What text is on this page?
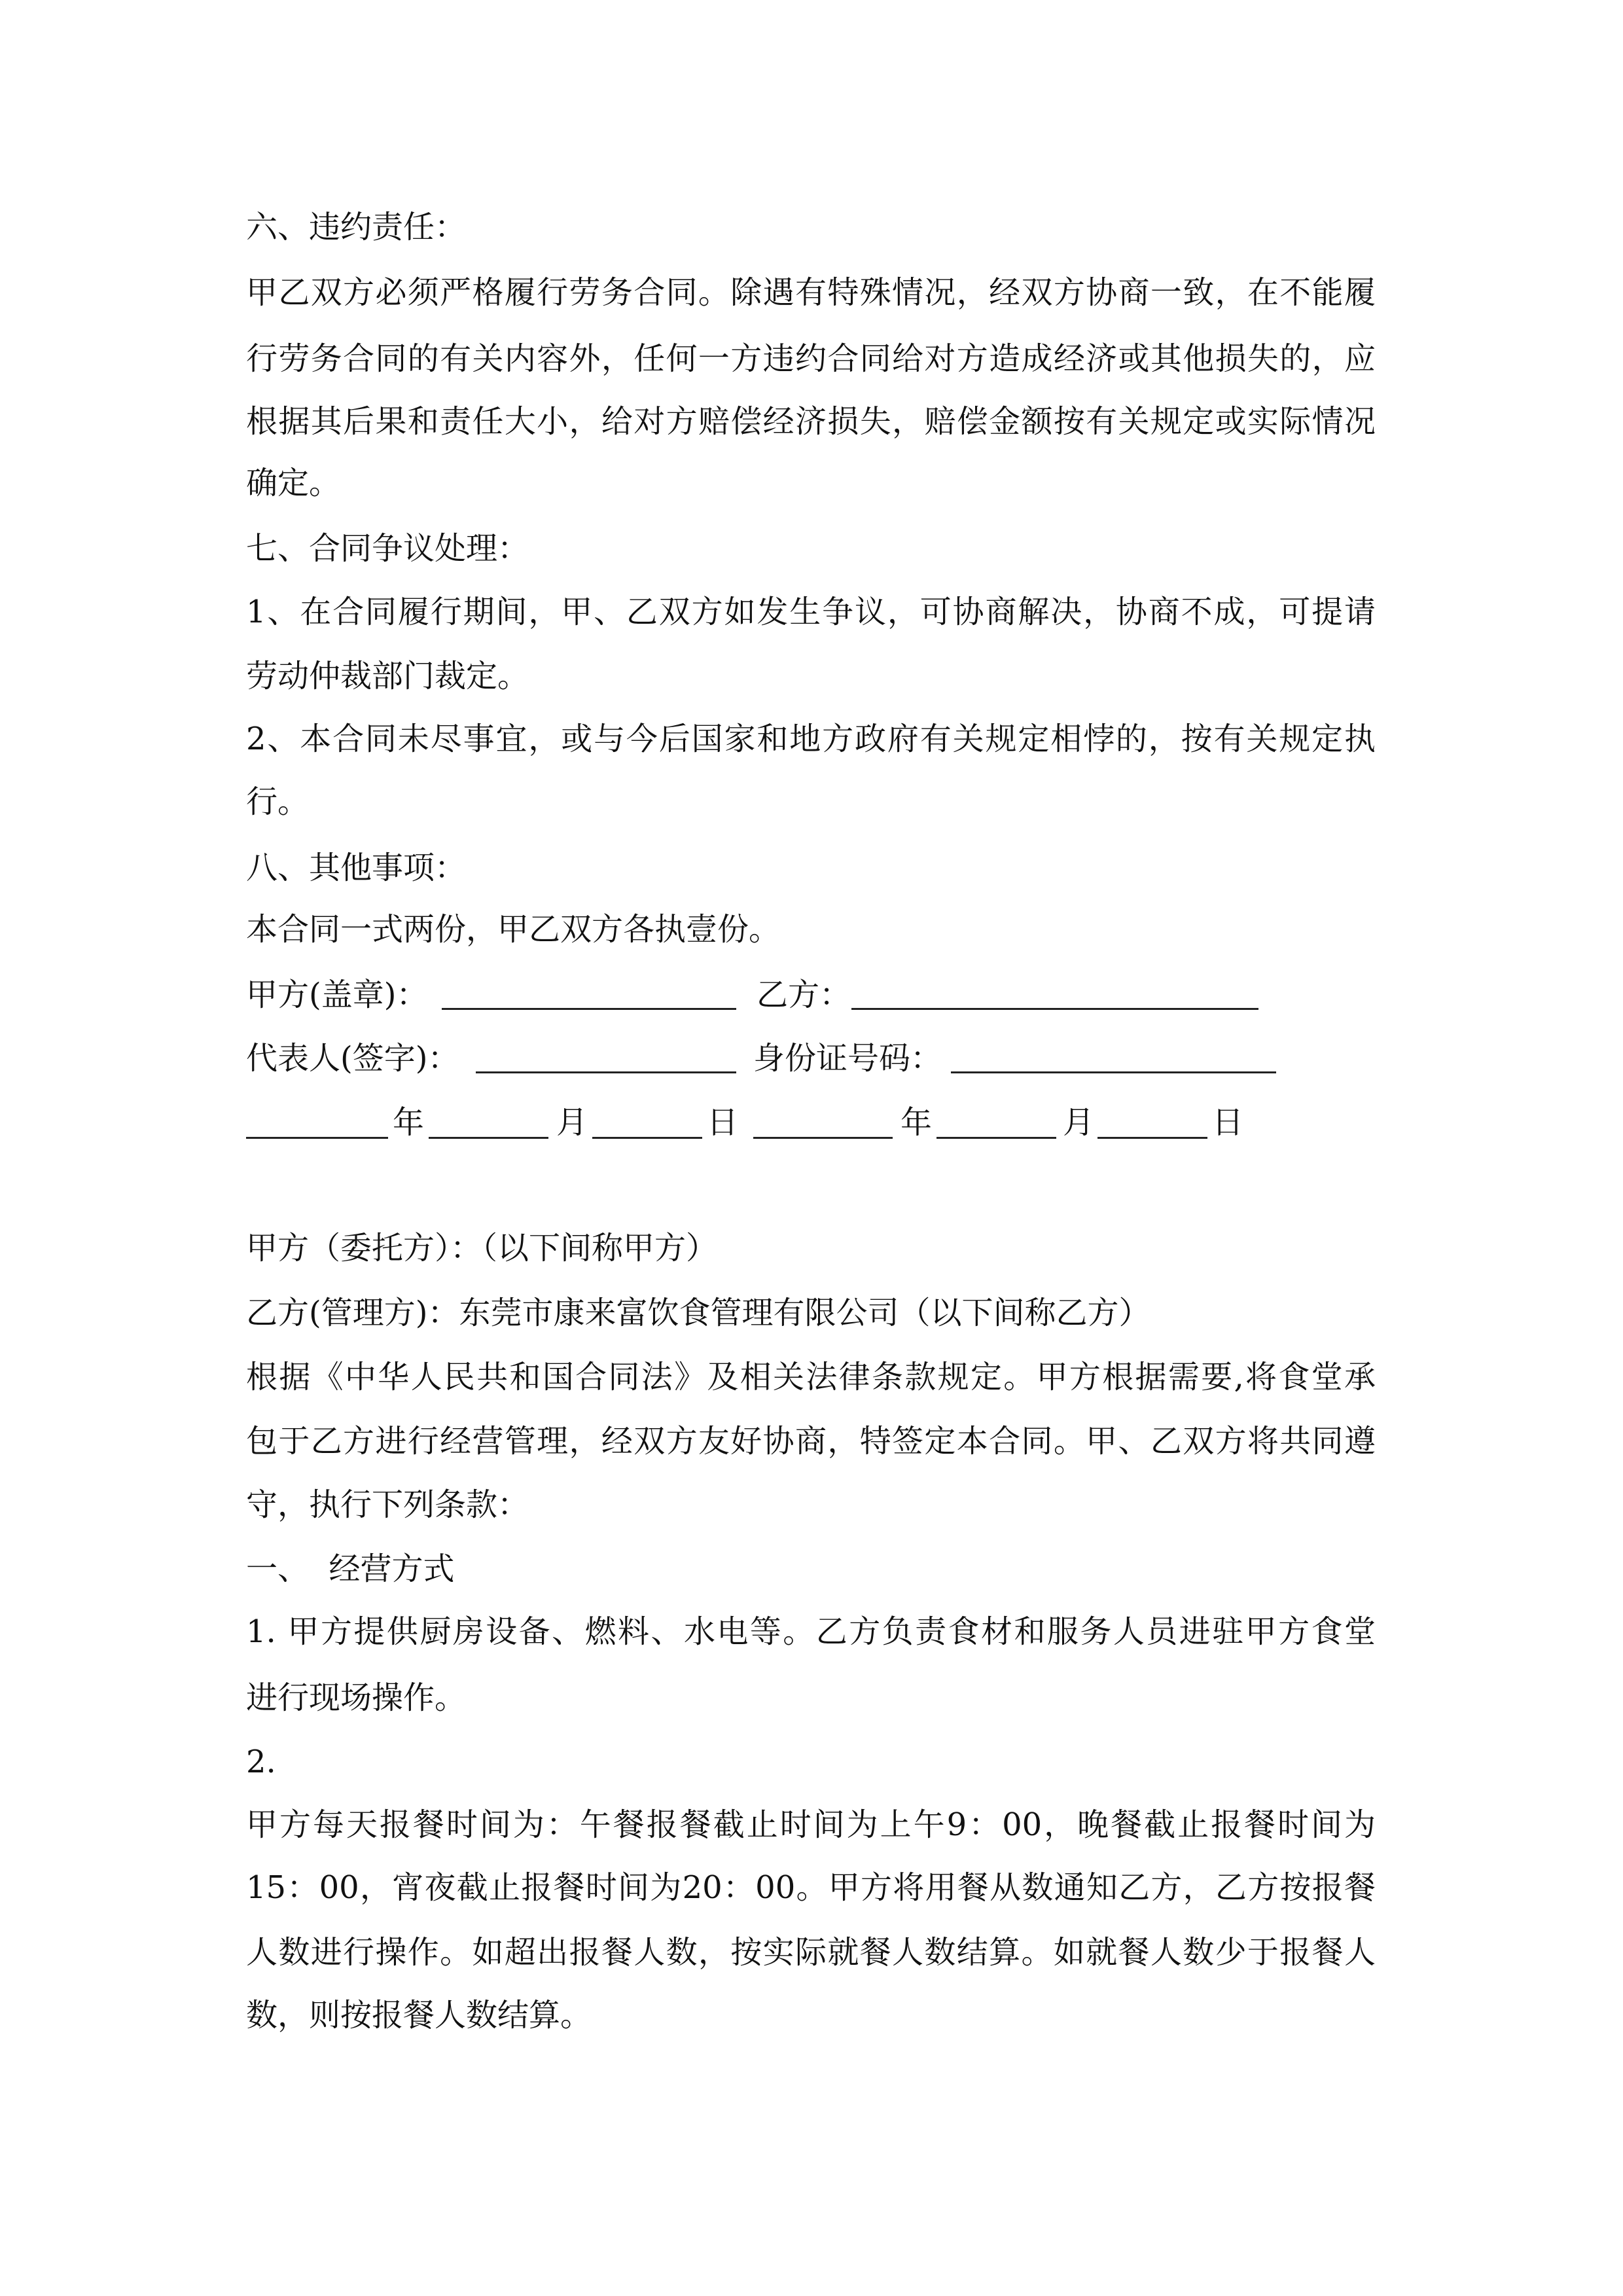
六、违约责任：
甲乙双方必须严格履行劳务合同。除遇有特殊情况，经双方协商一致，在不能履
行劳务合同的有关内容外，任何一方违约合同给对方造成经济或其他损失的，应
根据其后果和责任大小，给对方赔偿经济损失，赔偿金额按有关规定或实际情况
确定。
七、合同争议处理：
1、在合同履行期间，甲、乙双方如发生争议，可协商解决，协商不成，可提请
劳动仲裁部门裁定。
2、本合同未尽事宜，或与今后国家和地方政府有关规定相悖的，按有关规定执
行。
八、其他事项：
本合同一式两份，甲乙双方各执壹份。
甲方(盖章)：	乙方：
代表人(签字)：	身份证号码：
年	月	日	年	月	日
甲方（委托方）：（以下间称甲方）
乙方(管理方)：东莞市康来富饮食管理有限公司（以下间称乙方）
根据《中华人民共和国合同法》及相关法律条款规定。甲方根据需要,将食堂承
包于乙方进行经营管理，经双方友好协商，特签定本合同。甲、乙双方将共同遵
守，执行下列条款：
一、  经营方式
1. 甲方提供厨房设备、燃料、水电等。乙方负责食材和服务人员进驻甲方食堂
进行现场操作。
2.
甲方每天报餐时间为：午餐报餐截止时间为上午9：00，晚餐截止报餐时间为
15：00，宵夜截止报餐时间为20：00。甲方将用餐从数通知乙方，乙方按报餐
人数进行操作。如超出报餐人数，按实际就餐人数结算。如就餐人数少于报餐人
数，则按报餐人数结算。
